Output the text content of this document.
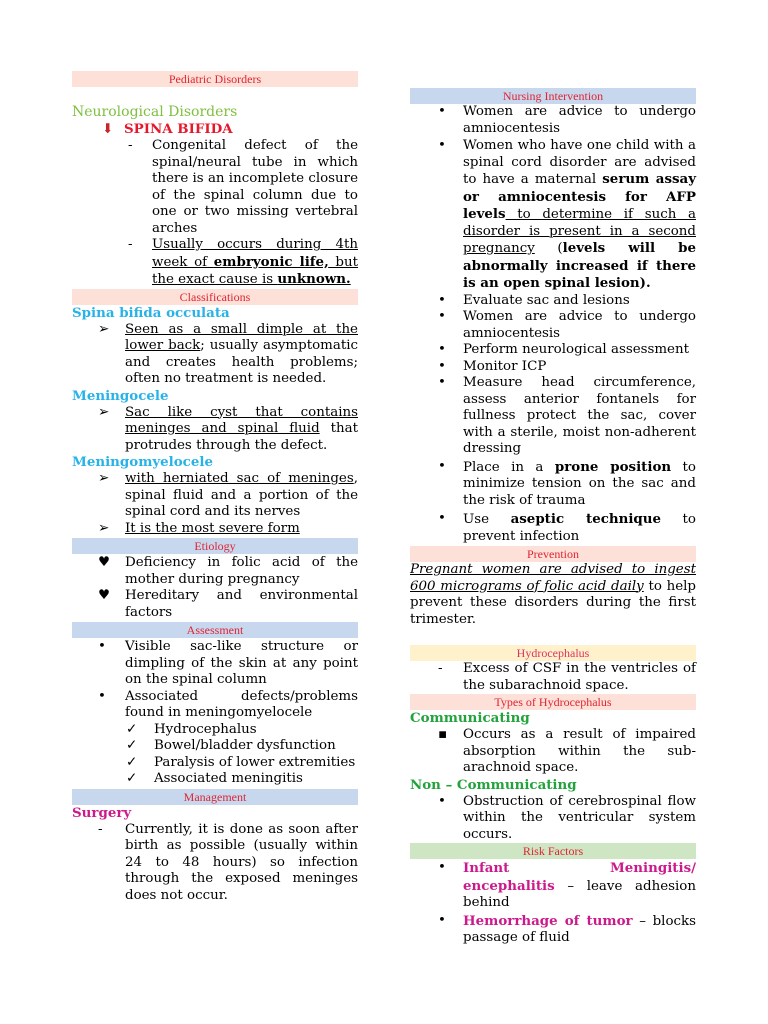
Pediatric Disorders
Neurological Disorders
⬇ SPINA BIFIDA
-	Congenital defect of the spinal/neural tube in which there is an incomplete closure of the spinal column due to one or two missing vertebral arches
-	Usually occurs during 4th week of embryonic life, but the exact cause is unknown.
Classifications
Spina bifida occulata
➢	Seen as a small dimple at the lower back; usually asymptomatic and creates health problems; often no treatment is needed.
Meningocele
➢	Sac like cyst that contains meninges and spinal fluid that protrudes through the defect.
Meningomyelocele
➢	with herniated sac of meninges, spinal fluid and a portion of the spinal cord and its nerves
➢	It is the most severe form
Etiology
♥	Deficiency in folic acid of the mother during pregnancy
♥	Hereditary and environmental factors
Assessment
•	Visible sac-like structure or dimpling of the skin at any point on the spinal column
•	Associated defects/problems found in meningomyelocele
✓ Hydrocephalus
✓ Bowel/bladder dysfunction
✓ Paralysis of lower extremities
✓ Associated meningitis
Management
Surgery
-	Currently, it is done as soon after birth as possible (usually within 24 to 48 hours) so infection through the exposed meninges does not occur.
Nursing Intervention
• Women are advice to undergo amniocentesis
• Women who have one child with a spinal cord disorder are advised to have a maternal serum assay or amniocentesis for AFP levels to determine if such a disorder is present in a second pregnancy (levels will be abnormally increased if there is an open spinal lesion).
• Evaluate sac and lesions
• Women are advice to undergo amniocentesis
• Perform neurological assessment
• Monitor ICP
• Measure head circumference, assess anterior fontanels for fullness protect the sac, cover with a sterile, moist non-adherent dressing
• Place in a prone position to minimize tension on the sac and the risk of trauma
• Use aseptic technique to prevent infection
Prevention
Pregnant women are advised to ingest 600 micrograms of folic acid daily to help prevent these disorders during the first trimester.
Hydrocephalus
- Excess of CSF in the ventricles of the subarachnoid space.
Types of Hydrocephalus
Communicating
▪ Occurs as a result of impaired absorption within the sub-arachnoid space.
Non – Communicating
• Obstruction of cerebrospinal flow within the ventricular system occurs.
Risk Factors
• Infant Meningitis/ encephalitis – leave adhesion behind
• Hemorrhage of tumor – blocks passage of fluid
